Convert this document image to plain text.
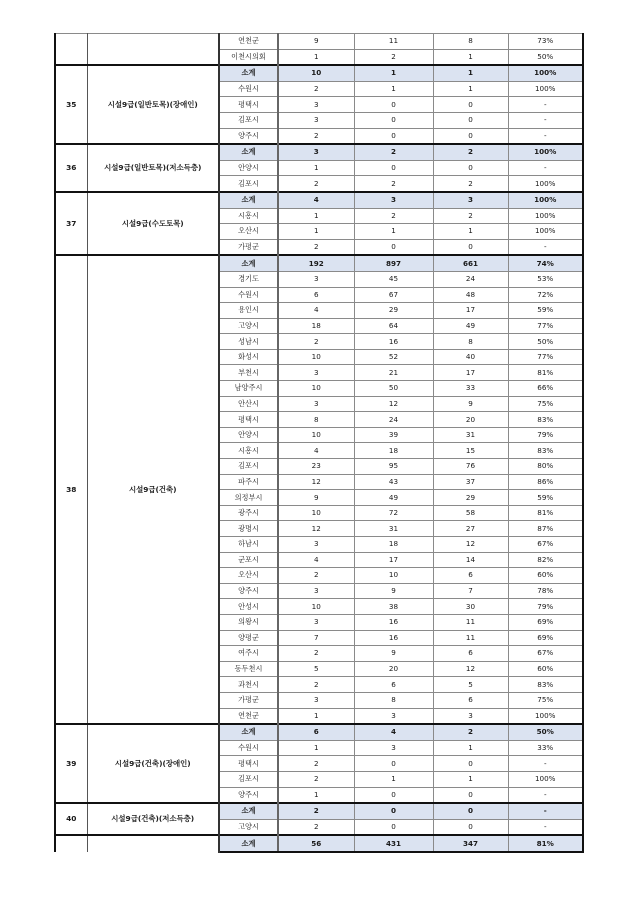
		연천군	9	11	8	73%
		이천시의회	1	2	1	50%
35	시설9급(일반토목)(장애인)	소계	10	1	1	100%
		수원시	2	1	1	100%
		평택시	3	0	0	-
		김포시	3	0	0	-
		양주시	2	0	0	-
36	시설9급(일반토목)(저소득층)	소계	3	2	2	100%
		안양시	1	0	0	-
		김포시	2	2	2	100%
37	시설9급(수도토목)	소계	4	3	3	100%
		시흥시	1	2	2	100%
		오산시	1	1	1	100%
		가평군	2	0	0	-
38	시설9급(건축)	소계	192	897	661	74%
		경기도	3	45	24	53%
		수원시	6	67	48	72%
		용인시	4	29	17	59%
		고양시	18	64	49	77%
		성남시	2	16	8	50%
		화성시	10	52	40	77%
		부천시	3	21	17	81%
		남양주시	10	50	33	66%
		안산시	3	12	9	75%
		평택시	8	24	20	83%
		안양시	10	39	31	79%
		시흥시	4	18	15	83%
		김포시	23	95	76	80%
		파주시	12	43	37	86%
		의정부시	9	49	29	59%
		광주시	10	72	58	81%
		광명시	12	31	27	87%
		하남시	3	18	12	67%
		군포시	4	17	14	82%
		오산시	2	10	6	60%
		양주시	3	9	7	78%
		안성시	10	38	30	79%
		의왕시	3	16	11	69%
		양평군	7	16	11	69%
		여주시	2	9	6	67%
		동두천시	5	20	12	60%
		과천시	2	6	5	83%
		가평군	3	8	6	75%
		연천군	1	3	3	100%
39	시설9급(건축)(장애인)	소계	6	4	2	50%
		수원시	1	3	1	33%
		평택시	2	0	0	-
		김포시	2	1	1	100%
		양주시	1	0	0	-
40	시설9급(건축)(저소득층)	소계	2	0	0	-
		고양시	2	0	0	-
		소계	56	431	347	81%
